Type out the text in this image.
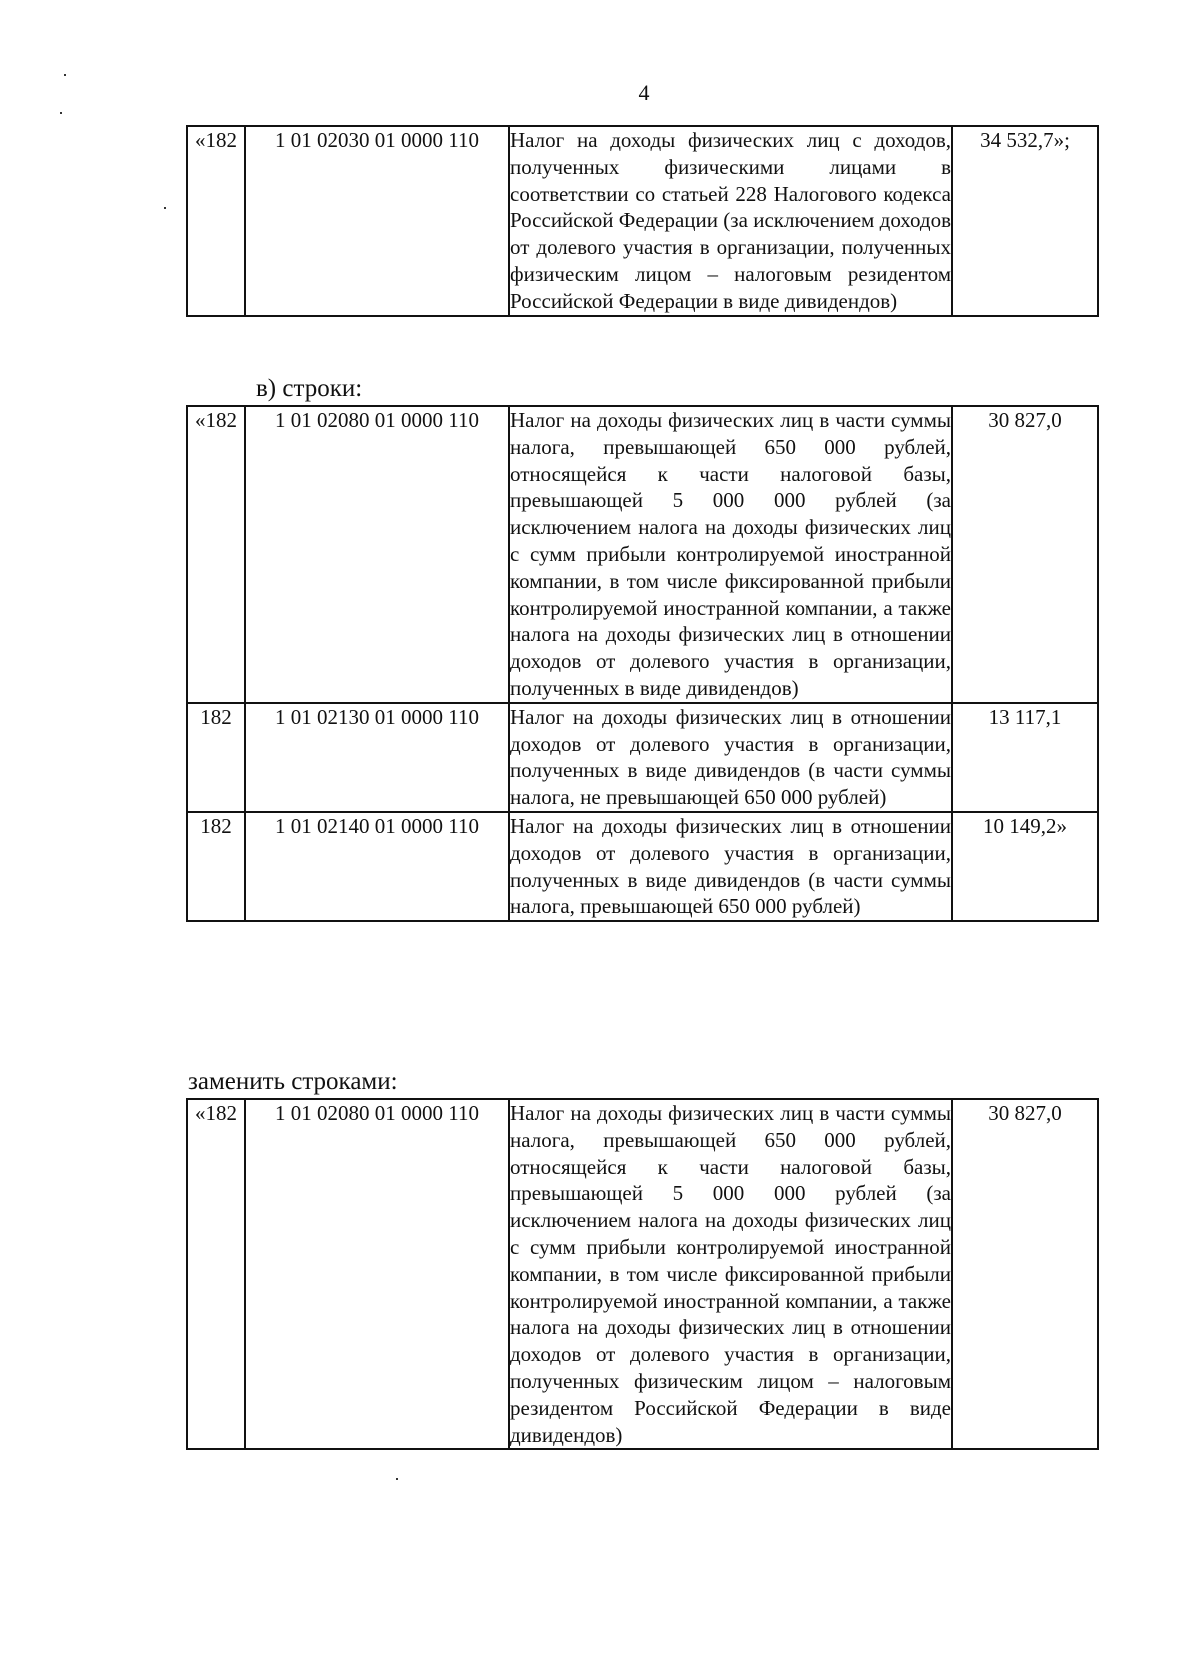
4
«182	1 01 02030 01 0000 110	Налог на доходы физических лиц с доходов, полученных физическими лицами в соответствии со статьей 228 Налогового кодекса Российской Федерации (за исключением доходов от долевого участия в организации, полученных физическим лицом – налоговым резидентом Российской Федерации в виде дивидендов)	34 532,7»;
в) строки:
«182	1 01 02080 01 0000 110	Налог на доходы физических лиц в части суммы налога, превышающей 650 000 рублей, относящейся к части налоговой базы, превышающей 5 000 000 рублей (за исключением налога на доходы физических лиц с сумм прибыли контролируемой иностранной компании, в том числе фиксированной прибыли контролируемой иностранной компании, а также налога на доходы физических лиц в отношении доходов от долевого участия в организации, полученных в виде дивидендов)	30 827,0
182	1 01 02130 01 0000 110	Налог на доходы физических лиц в отношении доходов от долевого участия в организации, полученных в виде дивидендов (в части суммы налога, не превышающей 650 000 рублей)	13 117,1
182	1 01 02140 01 0000 110	Налог на доходы физических лиц в отношении доходов от долевого участия в организации, полученных в виде дивидендов (в части суммы налога, превышающей 650 000 рублей)	10 149,2»
заменить строками:
«182	1 01 02080 01 0000 110	Налог на доходы физических лиц в части суммы налога, превышающей 650 000 рублей, относящейся к части налоговой базы, превышающей 5 000 000 рублей (за исключением налога на доходы физических лиц с сумм прибыли контролируемой иностранной компании, в том числе фиксированной прибыли контролируемой иностранной компании, а также налога на доходы физических лиц в отношении доходов от долевого участия в организации, полученных физическим лицом – налоговым резидентом Российской Федерации в виде дивидендов)	30 827,0
